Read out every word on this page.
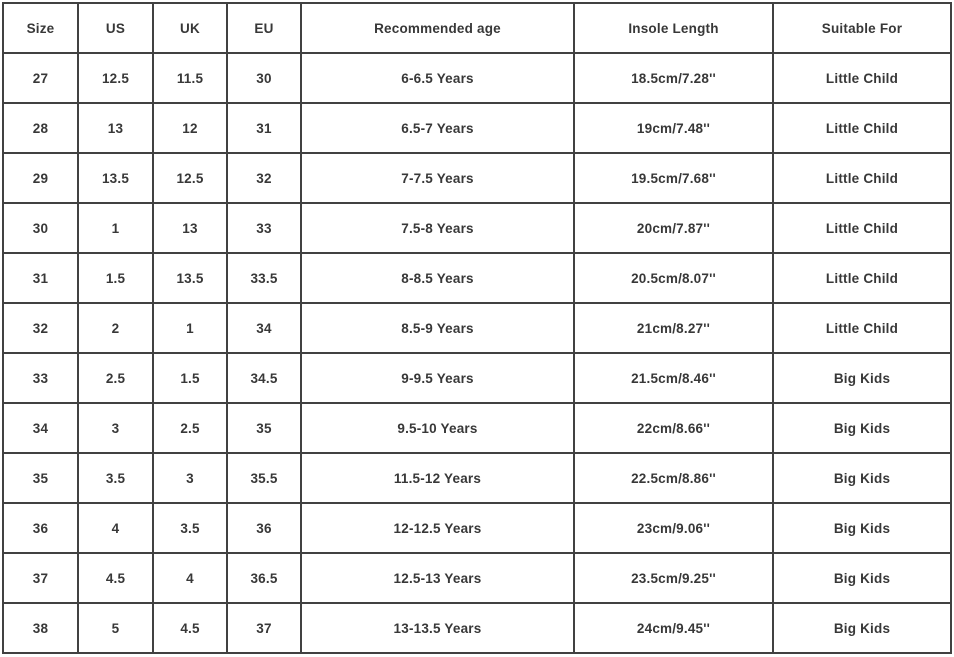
Size	US	UK	EU	Recommended age	Insole Length	Suitable For
27	12.5	11.5	30	6-6.5 Years	18.5cm/7.28''	Little Child
28	13	12	31	6.5-7 Years	19cm/7.48''	Little Child
29	13.5	12.5	32	7-7.5 Years	19.5cm/7.68''	Little Child
30	1	13	33	7.5-8 Years	20cm/7.87''	Little Child
31	1.5	13.5	33.5	8-8.5 Years	20.5cm/8.07''	Little Child
32	2	1	34	8.5-9 Years	21cm/8.27''	Little Child
33	2.5	1.5	34.5	9-9.5 Years	21.5cm/8.46''	Big Kids
34	3	2.5	35	9.5-10 Years	22cm/8.66''	Big Kids
35	3.5	3	35.5	11.5-12 Years	22.5cm/8.86''	Big Kids
36	4	3.5	36	12-12.5 Years	23cm/9.06''	Big Kids
37	4.5	4	36.5	12.5-13 Years	23.5cm/9.25''	Big Kids
38	5	4.5	37	13-13.5 Years	24cm/9.45''	Big Kids
